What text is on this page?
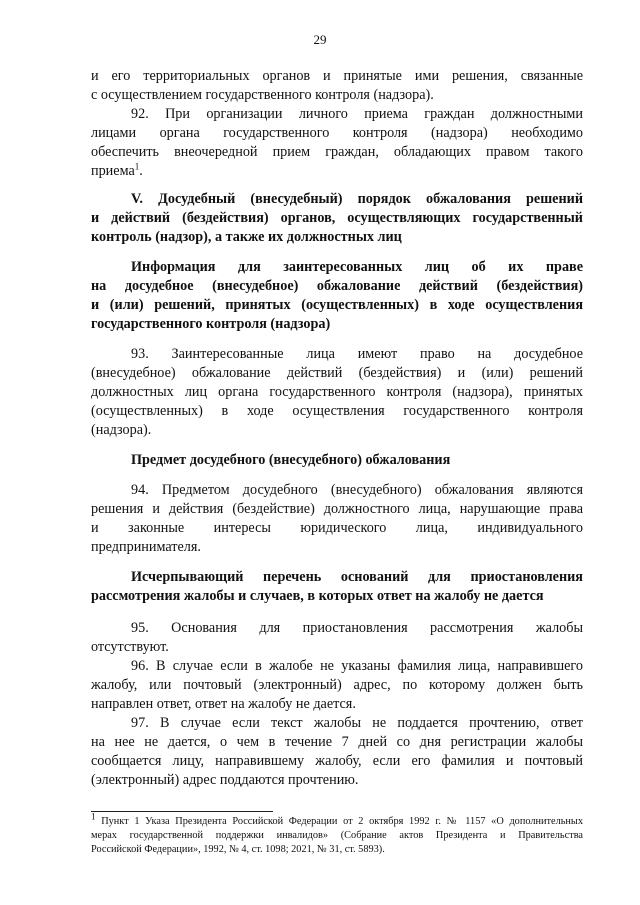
29
и его территориальных органов и принятые ими решения, связанные
с осуществлением государственного контроля (надзора).
92. При организации личного приема граждан должностными
лицами органа государственного контроля (надзора) необходимо
обеспечить внеочередной прием граждан, обладающих правом такого
приема$^1$.
V. Досудебный (внесудебный) порядок обжалования решений
и действий (бездействия) органов, осуществляющих государственный
контроль (надзор), а также их должностных лиц
Информация для заинтересованных лиц об их праве
на досудебное (внесудебное) обжалование действий (бездействия)
и (или) решений, принятых (осуществленных) в ходе осуществления
государственного контроля (надзора)
93. Заинтересованные лица имеют право на досудебное
(внесудебное) обжалование действий (бездействия) и (или) решений
должностных лиц органа государственного контроля (надзора), принятых
(осуществленных) в ходе осуществления государственного контроля
(надзора).
Предмет досудебного (внесудебного) обжалования
94. Предметом досудебного (внесудебного) обжалования являются
решения и действия (бездействие) должностного лица, нарушающие права
и законные интересы юридического лица, индивидуального
предпринимателя.
Исчерпывающий перечень оснований для приостановления
рассмотрения жалобы и случаев, в которых ответ на жалобу не дается
95. Основания для приостановления рассмотрения жалобы
отсутствуют.
96. В случае если в жалобе не указаны фамилия лица, направившего
жалобу, или почтовый (электронный) адрес, по которому должен быть
направлен ответ, ответ на жалобу не дается.
97. В случае если текст жалобы не поддается прочтению, ответ
на нее не дается, о чем в течение 7 дней со дня регистрации жалобы
сообщается лицу, направившему жалобу, если его фамилия и почтовый
(электронный) адрес поддаются прочтению.
1 Пункт 1 Указа Президента Российской Федерации от 2 октября 1992 г. № 1157 «О дополнительных
мерах государственной поддержки инвалидов» (Собрание актов Президента и Правительства
Российской Федерации», 1992, № 4, ст. 1098; 2021, № 31, ст. 5893).
